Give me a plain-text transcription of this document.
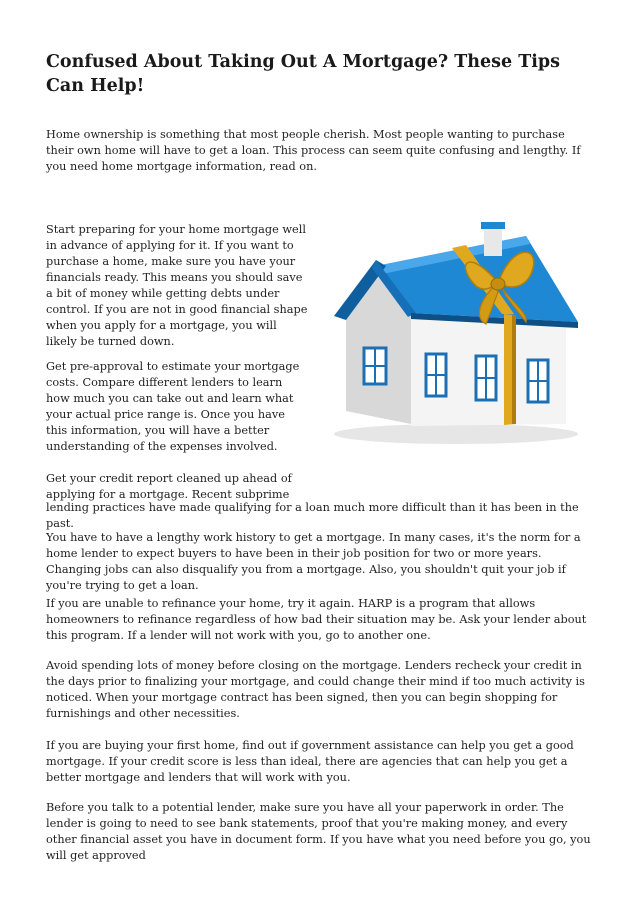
Confused About Taking Out A Mortgage? These Tips Can Help!

Home ownership is something that most people cherish. Most people wanting to purchase their own home will have to get a loan. This process can seem quite confusing and lengthy. If you need home mortgage information, read on.

Start preparing for your home mortgage well in advance of applying for it. If you want to purchase a home, make sure you have your financials ready. This means you should save a bit of money while getting debts under control. If you are not in good financial shape when you apply for a mortgage, you will likely be turned down.

Get pre-approval to estimate your mortgage costs. Compare different lenders to learn how much you can take out and learn what your actual price range is. Once you have this information, you will have a better understanding of the expenses involved.

Get your credit report cleaned up ahead of applying for a mortgage. Recent subprime

lending practices have made qualifying for a loan much more difficult than it has been in the past.

You have to have a lengthy work history to get a mortgage. In many cases, it's the norm for a home lender to expect buyers to have been in their job position for two or more years. Changing jobs can also disqualify you from a mortgage. Also, you shouldn't quit your job if you're trying to get a loan.

If you are unable to refinance your home, try it again. HARP is a program that allows homeowners to refinance regardless of how bad their situation may be. Ask your lender about this program. If a lender will not work with you, go to another one.

Avoid spending lots of money before closing on the mortgage. Lenders recheck your credit in the days prior to finalizing your mortgage, and could change their mind if too much activity is noticed. When your mortgage contract has been signed, then you can begin shopping for furnishings and other necessities.

If you are buying your first home, find out if government assistance can help you get a good mortgage. If your credit score is less than ideal, there are agencies that can help you get a better mortgage and lenders that will work with you.

Before you talk to a potential lender, make sure you have all your paperwork in order. The lender is going to need to see bank statements, proof that you're making money, and every other financial asset you have in document form. If you have what you need before you go, you will get approved
